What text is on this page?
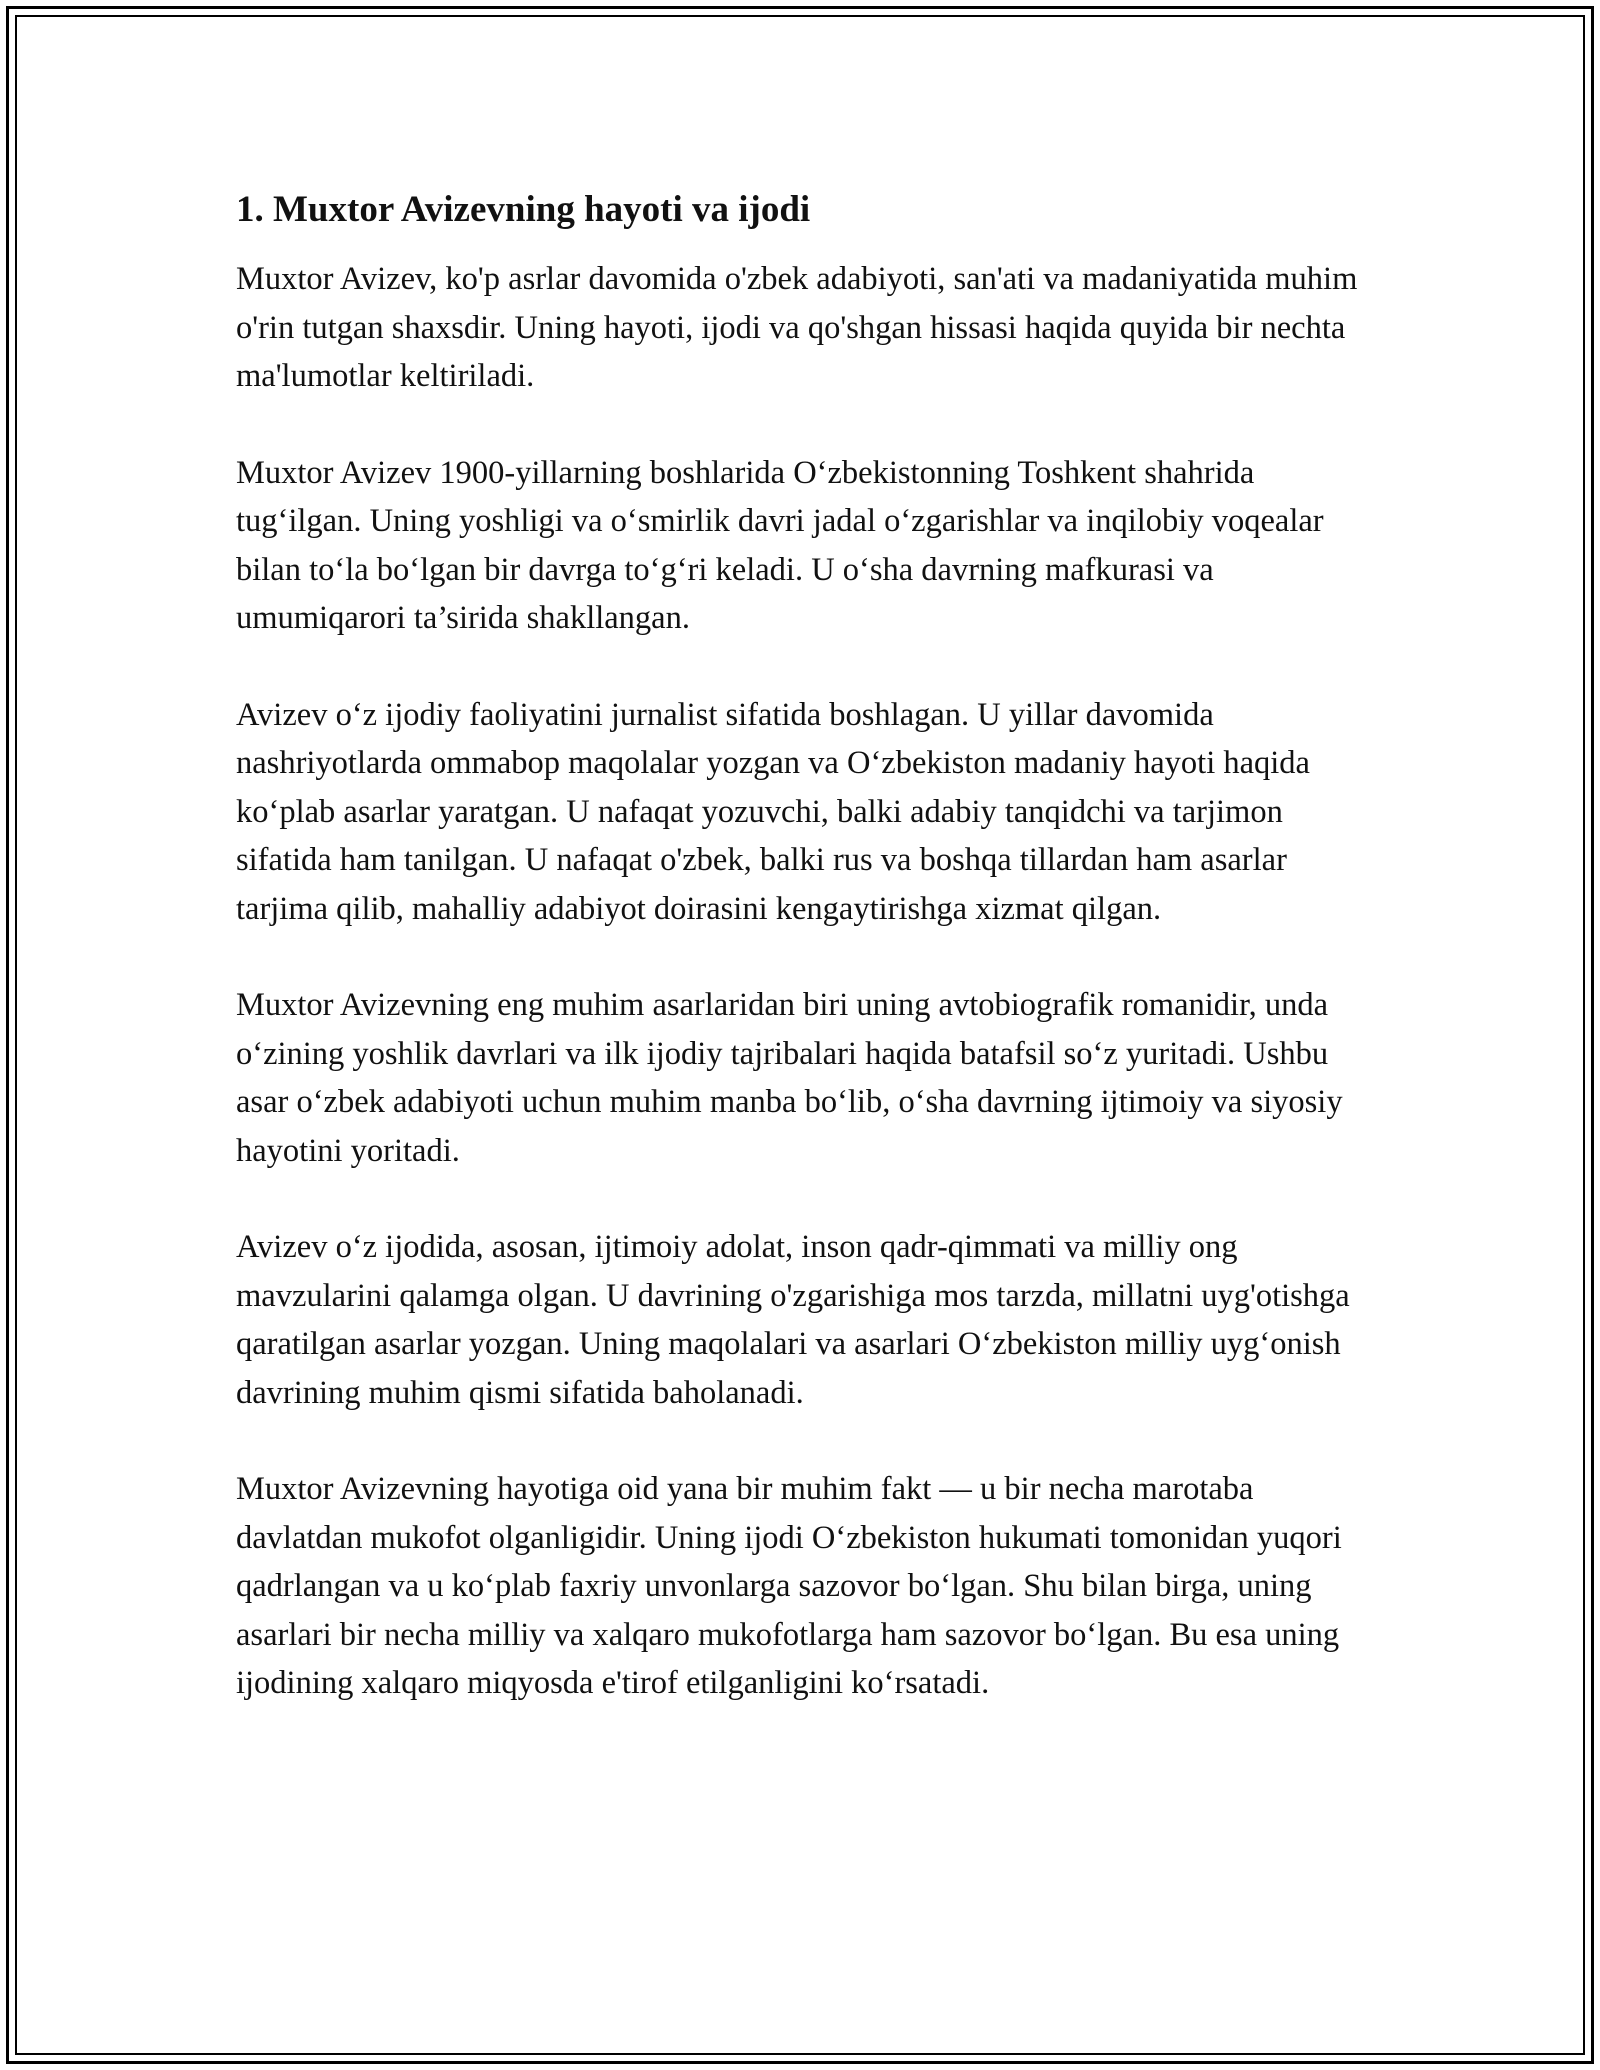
1. Muxtor Avizevning hayoti va ijodi

Muxtor Avizev, ko'p asrlar davomida o'zbek adabiyoti, san'ati va madaniyatida muhim o'rin tutgan shaxsdir. Uning hayoti, ijodi va qo'shgan hissasi haqida quyida bir nechta ma'lumotlar keltiriladi.

Muxtor Avizev 1900-yillarning boshlarida O‘zbekistonning Toshkent shahrida tug‘ilgan. Uning yoshligi va o‘smirlik davri jadal o‘zgarishlar va inqilobiy voqealar bilan to‘la bo‘lgan bir davrga to‘g‘ri keladi. U o‘sha davrning mafkurasi va umumiqarori ta’sirida shakllangan.

Avizev o‘z ijodiy faoliyatini jurnalist sifatida boshlagan. U yillar davomida nashriyotlarda ommabop maqolalar yozgan va O‘zbekiston madaniy hayoti haqida ko‘plab asarlar yaratgan. U nafaqat yozuvchi, balki adabiy tanqidchi va tarjimon sifatida ham tanilgan. U nafaqat o'zbek, balki rus va boshqa tillardan ham asarlar tarjima qilib, mahalliy adabiyot doirasini kengaytirishga xizmat qilgan.

Muxtor Avizevning eng muhim asarlaridan biri uning avtobiografik romanidir, unda o‘zining yoshlik davrlari va ilk ijodiy tajribalari haqida batafsil so‘z yuritadi. Ushbu asar o‘zbek adabiyoti uchun muhim manba bo‘lib, o‘sha davrning ijtimoiy va siyosiy hayotini yoritadi.

Avizev o‘z ijodida, asosan, ijtimoiy adolat, inson qadr-qimmati va milliy ong mavzularini qalamga olgan. U davrining o'zgarishiga mos tarzda, millatni uyg'otishga qaratilgan asarlar yozgan. Uning maqolalari va asarlari O‘zbekiston milliy uyg‘onish davrining muhim qismi sifatida baholanadi.

Muxtor Avizevning hayotiga oid yana bir muhim fakt — u bir necha marotaba davlatdan mukofot olganligidir. Uning ijodi O‘zbekiston hukumati tomonidan yuqori qadrlangan va u ko‘plab faxriy unvonlarga sazovor bo‘lgan. Shu bilan birga, uning asarlari bir necha milliy va xalqaro mukofotlarga ham sazovor bo‘lgan. Bu esa uning ijodining xalqaro miqyosda e'tirof etilganligini ko‘rsatadi.
